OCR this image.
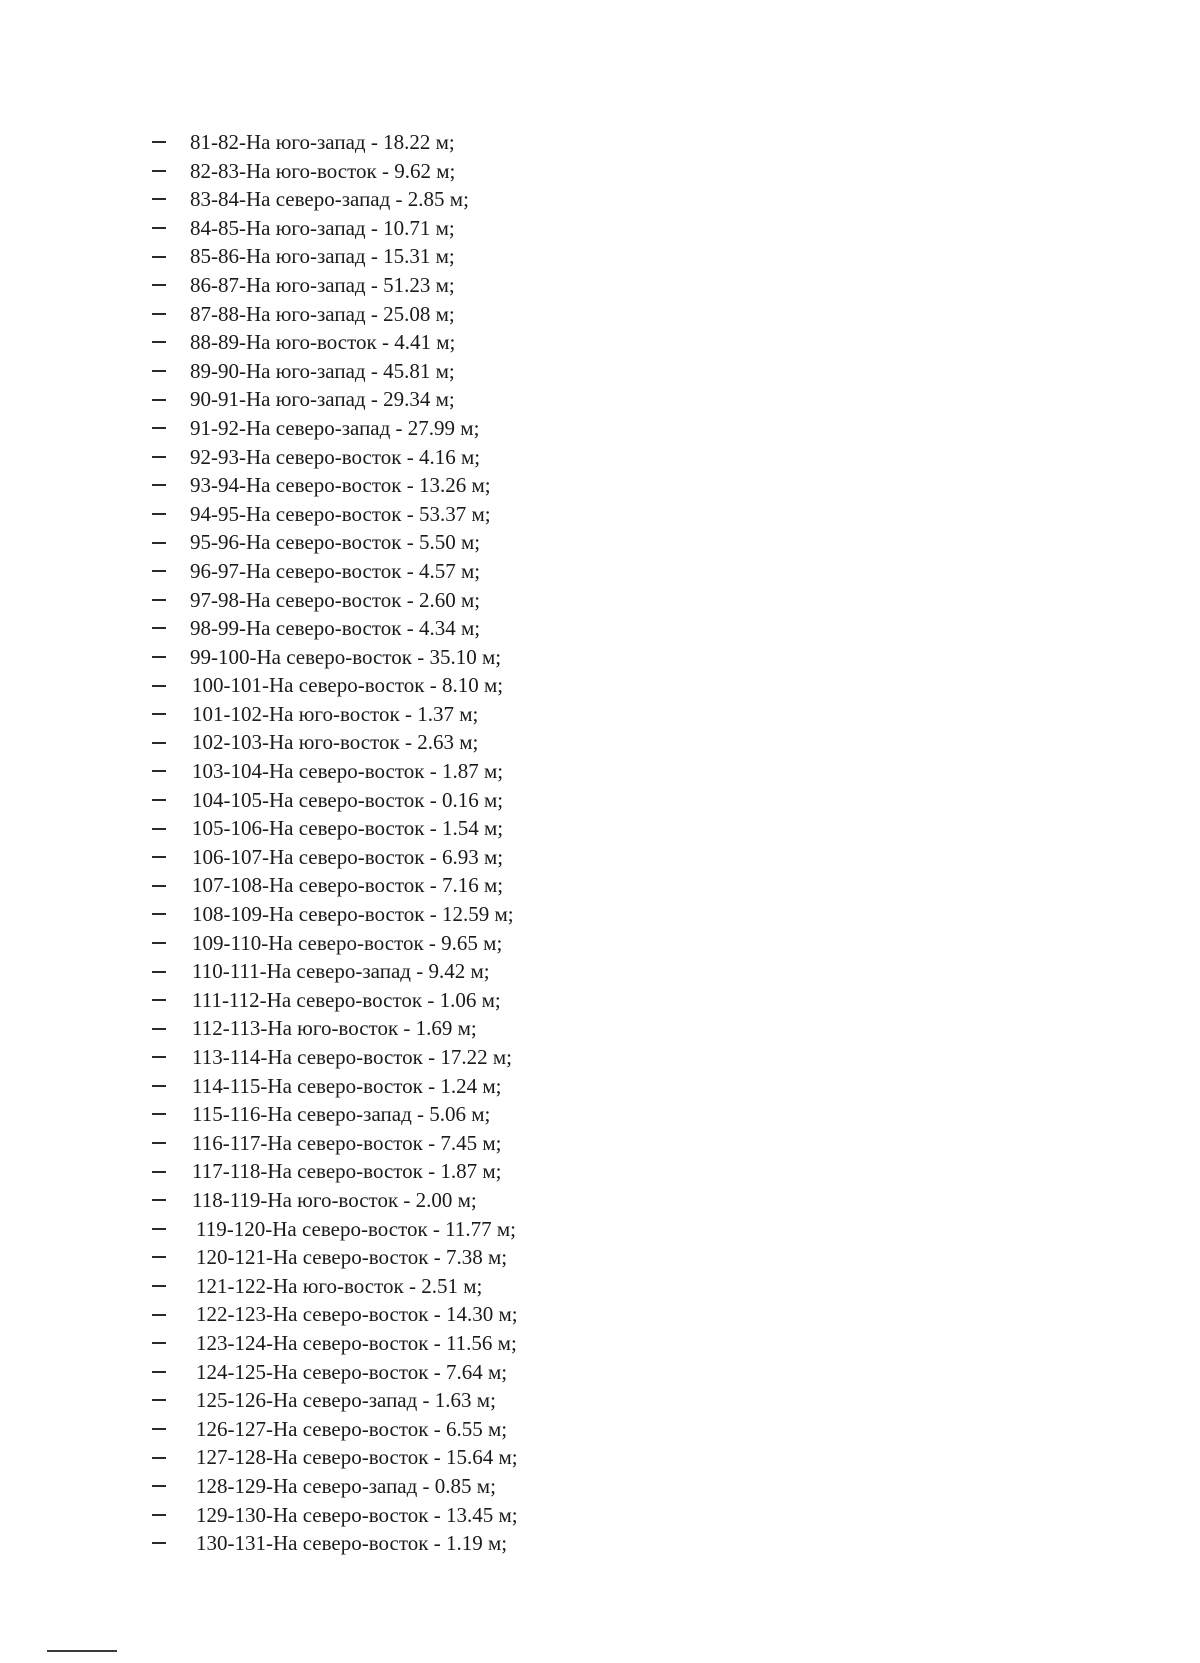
81-82-На юго-запад - 18.22 м;
82-83-На юго-восток - 9.62 м;
83-84-На северо-запад - 2.85 м;
84-85-На юго-запад - 10.71 м;
85-86-На юго-запад - 15.31 м;
86-87-На юго-запад - 51.23 м;
87-88-На юго-запад - 25.08 м;
88-89-На юго-восток - 4.41 м;
89-90-На юго-запад - 45.81 м;
90-91-На юго-запад - 29.34 м;
91-92-На северо-запад - 27.99 м;
92-93-На северо-восток - 4.16 м;
93-94-На северо-восток - 13.26 м;
94-95-На северо-восток - 53.37 м;
95-96-На северо-восток - 5.50 м;
96-97-На северо-восток - 4.57 м;
97-98-На северо-восток - 2.60 м;
98-99-На северо-восток - 4.34 м;
99-100-На северо-восток - 35.10 м;
100-101-На северо-восток - 8.10 м;
101-102-На юго-восток - 1.37 м;
102-103-На юго-восток - 2.63 м;
103-104-На северо-восток - 1.87 м;
104-105-На северо-восток - 0.16 м;
105-106-На северо-восток - 1.54 м;
106-107-На северо-восток - 6.93 м;
107-108-На северо-восток - 7.16 м;
108-109-На северо-восток - 12.59 м;
109-110-На северо-восток - 9.65 м;
110-111-На северо-запад - 9.42 м;
111-112-На северо-восток - 1.06 м;
112-113-На юго-восток - 1.69 м;
113-114-На северо-восток - 17.22 м;
114-115-На северо-восток - 1.24 м;
115-116-На северо-запад - 5.06 м;
116-117-На северо-восток - 7.45 м;
117-118-На северо-восток - 1.87 м;
118-119-На юго-восток - 2.00 м;
119-120-На северо-восток - 11.77 м;
120-121-На северо-восток - 7.38 м;
121-122-На юго-восток - 2.51 м;
122-123-На северо-восток - 14.30 м;
123-124-На северо-восток - 11.56 м;
124-125-На северо-восток - 7.64 м;
125-126-На северо-запад - 1.63 м;
126-127-На северо-восток - 6.55 м;
127-128-На северо-восток - 15.64 м;
128-129-На северо-запад - 0.85 м;
129-130-На северо-восток - 13.45 м;
130-131-На северо-восток - 1.19 м;
